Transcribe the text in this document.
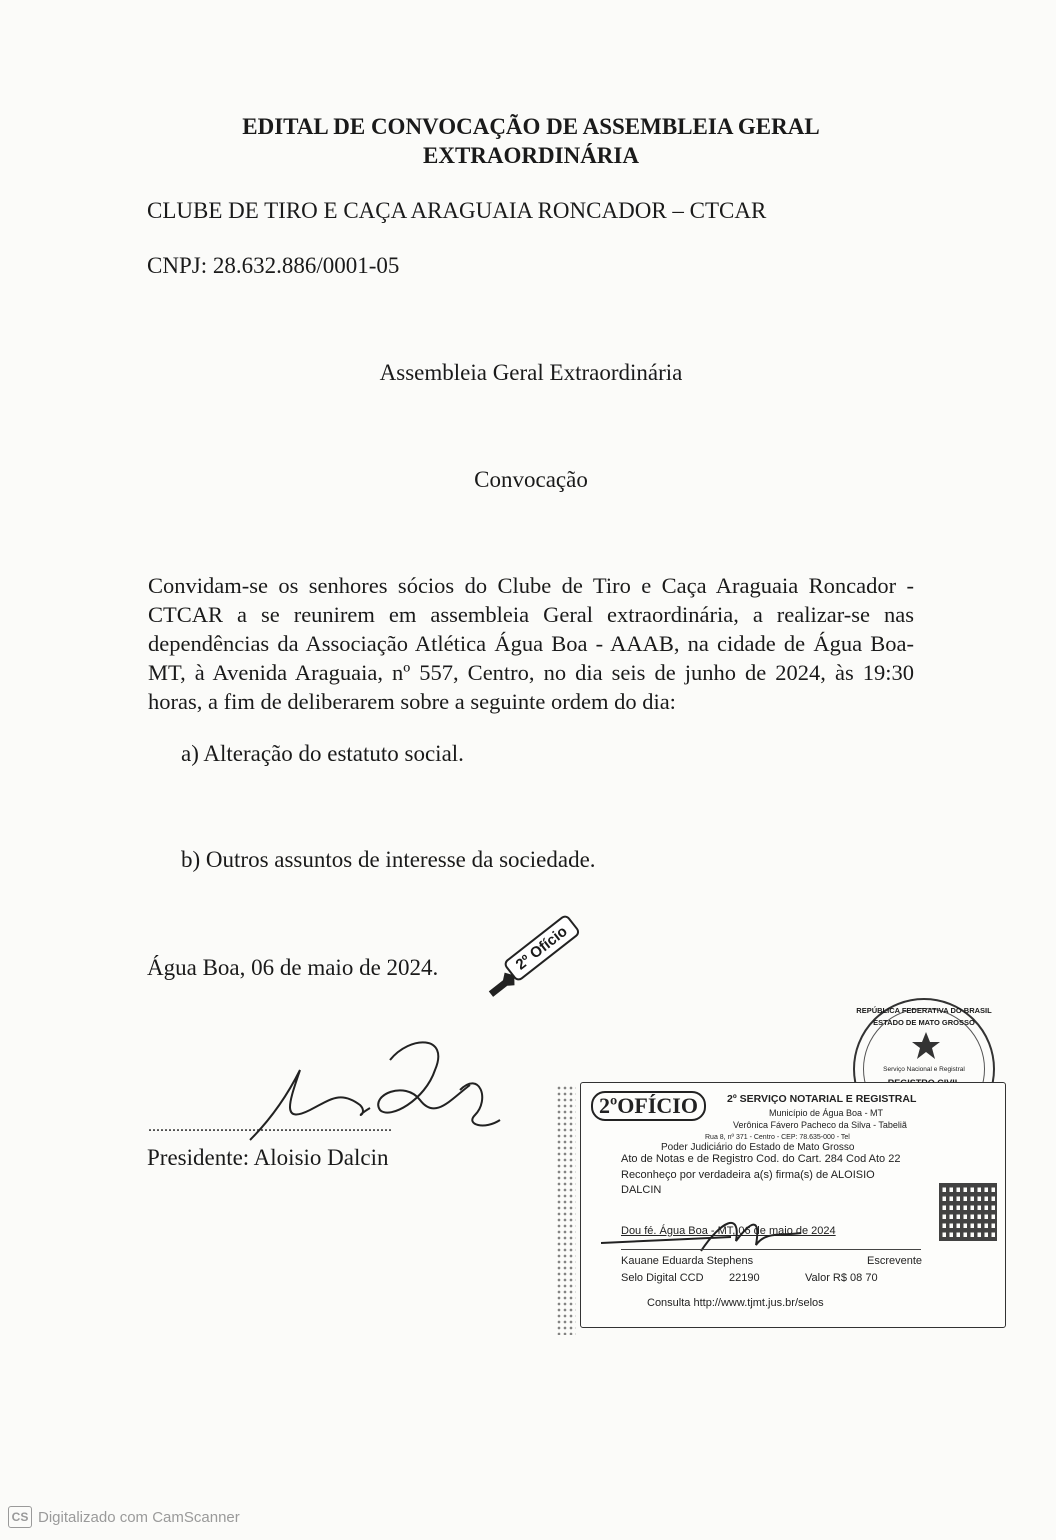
EDITAL DE CONVOCAÇÃO DE ASSEMBLEIA GERAL
EXTRAORDINÁRIA
CLUBE DE TIRO E CAÇA ARAGUAIA RONCADOR – CTCAR
CNPJ: 28.632.886/0001-05
Assembleia Geral Extraordinária
Convocação
Convidam-se os senhores sócios do Clube de Tiro e Caça Araguaia Roncador - CTCAR a se reunirem em assembleia Geral extraordinária, a realizar-se nas dependências da Associação Atlética Água Boa - AAAB, na cidade de Água Boa-MT, à Avenida Araguaia, nº 557, Centro, no dia seis de junho de 2024, às 19:30 horas, a fim de deliberarem sobre a seguinte ordem do dia:
a) Alteração do estatuto social.
b) Outros assuntos de interesse da sociedade.
Água Boa, 06 de maio de 2024.
.............................................................
Presidente: Aloisio Dalcin
2º Ofício
REPÚBLICA FEDERATIVA DO BRASIL
ESTADO DE MATO GROSSO
Serviço Nacional e Registral
2ºOFÍCIO	2º SERVIÇO NOTARIAL E REGISTRAL
Município de Água Boa - MT
Verônica Fávero Pacheco da Silva - Tabeliã
Rua 8, nº 371 - Centro - CEP: 78.635-000 - Tel
Poder Judiciário do Estado de Mato Grosso
Ato de Notas e de Registro Cod. do Cart. 284 Cod Ato 22
Reconheço por verdadeira a(s) firma(s) de ALOISIO
DALCIN
Dou fé. Água Boa - MT, 06 de maio de 2024
Kauane Eduarda Stephens	Escrevente
Selo Digital CCD 22190	Valor R$ 08 70
Consulta http://www.tjmt.jus.br/selos
CS Digitalizado com CamScanner
